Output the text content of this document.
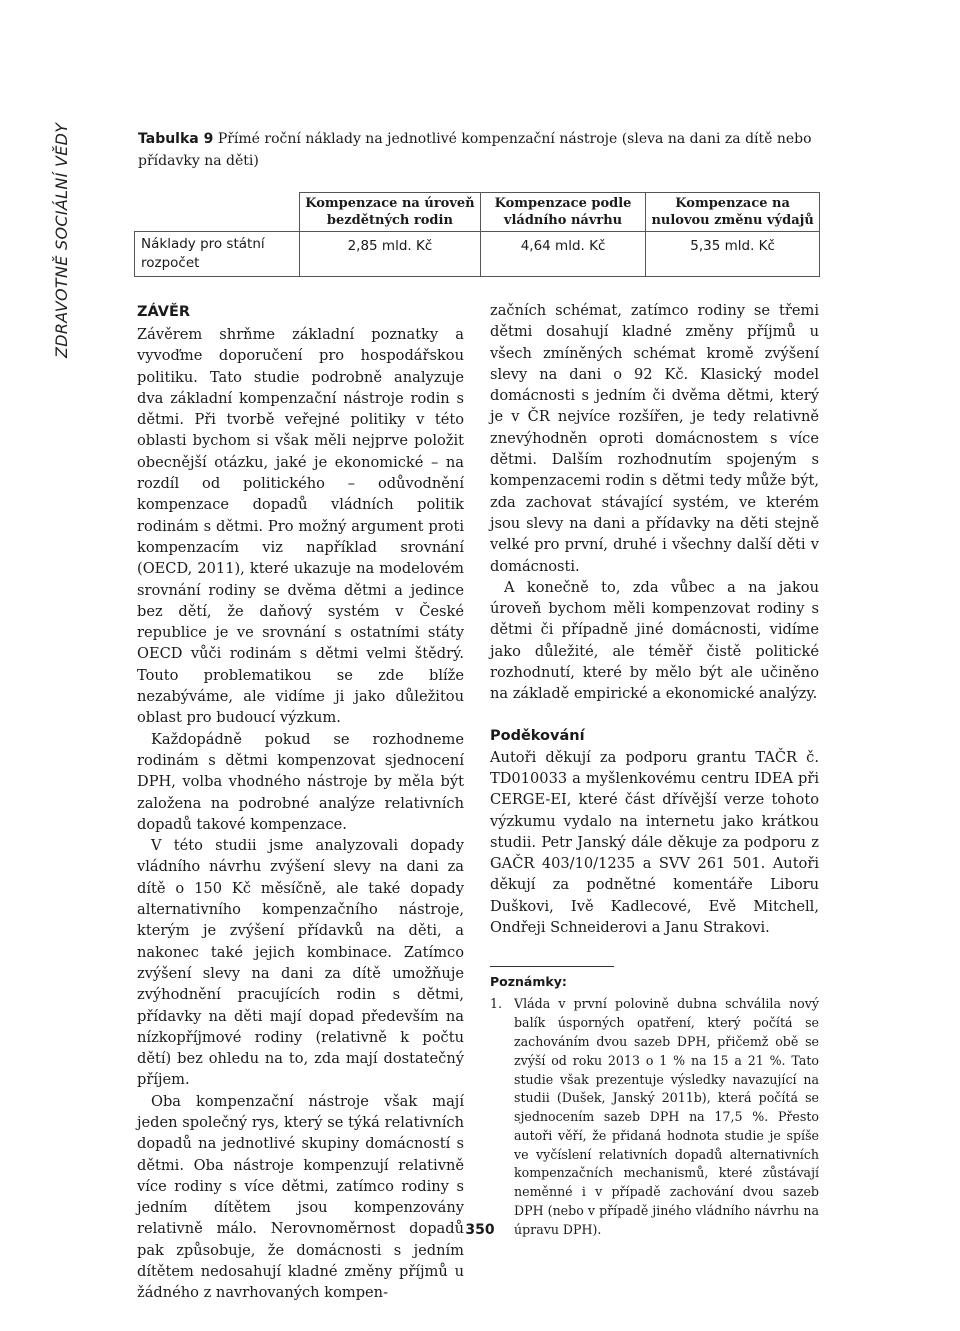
ZDRAVOTNĚ SOCIÁLNÍ VĚDY	Tabulka 9 Přímé roční náklady na jednotlivé kompenzační nástroje (sleva na dani za dítě nebo přídavky na děti)
	Kompenzace na úroveň bezdětných rodin	Kompenzace podle vládního návrhu	Kompenzace na nulovou změnu výdajů
Náklady pro státní rozpočet	2,85 mld. Kč	4,64 mld. Kč	5,35 mld. Kč
ZÁVĚR

Závěrem shrňme základní poznatky a vyvoďme doporučení pro hospodářskou politiku. Tato studie podrobně analyzuje dva základní kompenzační nástroje rodin s dětmi. Při tvorbě veřejné politiky v této oblasti bychom si však měli nejprve položit obecnější otázku, jaké je ekonomické – na rozdíl od politického – odůvodnění kompenzace dopadů vládních politik rodinám s dětmi. Pro možný argument proti kompenzacím viz například srovnání (OECD, 2011), které ukazuje na modelovém srovnání rodiny se dvěma dětmi a jedince bez dětí, že daňový systém v České republice je ve srovnání s ostatními státy OECD vůči rodinám s dětmi velmi štědrý. Touto problematikou se zde blíže nezabýváme, ale vidíme ji jako důležitou oblast pro budoucí výzkum.

Každopádně pokud se rozhodneme rodinám s dětmi kompenzovat sjednocení DPH, volba vhodného nástroje by měla být založena na podrobné analýze relativních dopadů takové kompenzace.

V této studii jsme analyzovali dopady vládního návrhu zvýšení slevy na dani za dítě o 150 Kč měsíčně, ale také dopady alternativního kompenzačního nástroje, kterým je zvýšení přídavků na děti, a nakonec také jejich kombinace. Zatímco zvýšení slevy na dani za dítě umožňuje zvýhodnění pracujících rodin s dětmi, přídavky na děti mají dopad především na nízkopříjmové rodiny (relativně k počtu dětí) bez ohledu na to, zda mají dostatečný příjem.

Oba kompenzační nástroje však mají jeden společný rys, který se týká relativních dopadů na jednotlivé skupiny domácností s dětmi. Oba nástroje kompenzují relativně více rodiny s více dětmi, zatímco rodiny s jedním dítětem jsou kompenzovány relativně málo. Nerovnoměrnost dopadů pak způsobuje, že domácnosti s jedním dítětem nedosahují kladné změny příjmů u žádného z navrhovaných kompen-

začních schémat, zatímco rodiny se třemi dětmi dosahují kladné změny příjmů u všech zmíněných schémat kromě zvýšení slevy na dani o 92 Kč. Klasický model domácnosti s jedním či dvěma dětmi, který je v ČR nejvíce rozšířen, je tedy relativně znevýhodněn oproti domácnostem s více dětmi. Dalším rozhodnutím spojeným s kompenzacemi rodin s dětmi tedy může být, zda zachovat stávající systém, ve kterém jsou slevy na dani a přídavky na děti stejně velké pro první, druhé i všechny další děti v domácnosti.

A konečně to, zda vůbec a na jakou úroveň bychom měli kompenzovat rodiny s dětmi či případně jiné domácnosti, vidíme jako důležité, ale téměř čistě politické rozhodnutí, které by mělo být ale učiněno na základě empirické a ekonomické analýzy.

Poděkování

Autoři děkují za podporu grantu TAČR č. TD010033 a myšlenkovému centru IDEA při CERGE-EI, které část dřívější verze tohoto výzkumu vydalo na internetu jako krátkou studii. Petr Janský dále děkuje za podporu z GAČR 403/10/1235 a SVV 261 501. Autoři děkují za podnětné komentáře Liboru Duškovi, Ivě Kadlecové, Evě Mitchell, Ondřeji Schneiderovi a Janu Strakovi.

Poznámky:
1. Vláda v první polovině dubna schválila nový balík úsporných opatření, který počítá se zachováním dvou sazeb DPH, přičemž obě se zvýší od roku 2013 o 1 % na 15 a 21 %. Tato studie však prezentuje výsledky navazující na studii (Dušek, Janský 2011b), která počítá se sjednocením sazeb DPH na 17,5 %. Přesto autoři věří, že přidaná hodnota studie je spíše ve vyčíslení relativních dopadů alternativních kompenzačních mechanismů, které zůstávají neměnné i v případě zachování dvou sazeb DPH (nebo v případě jiného vládního návrhu na úpravu DPH).
350
